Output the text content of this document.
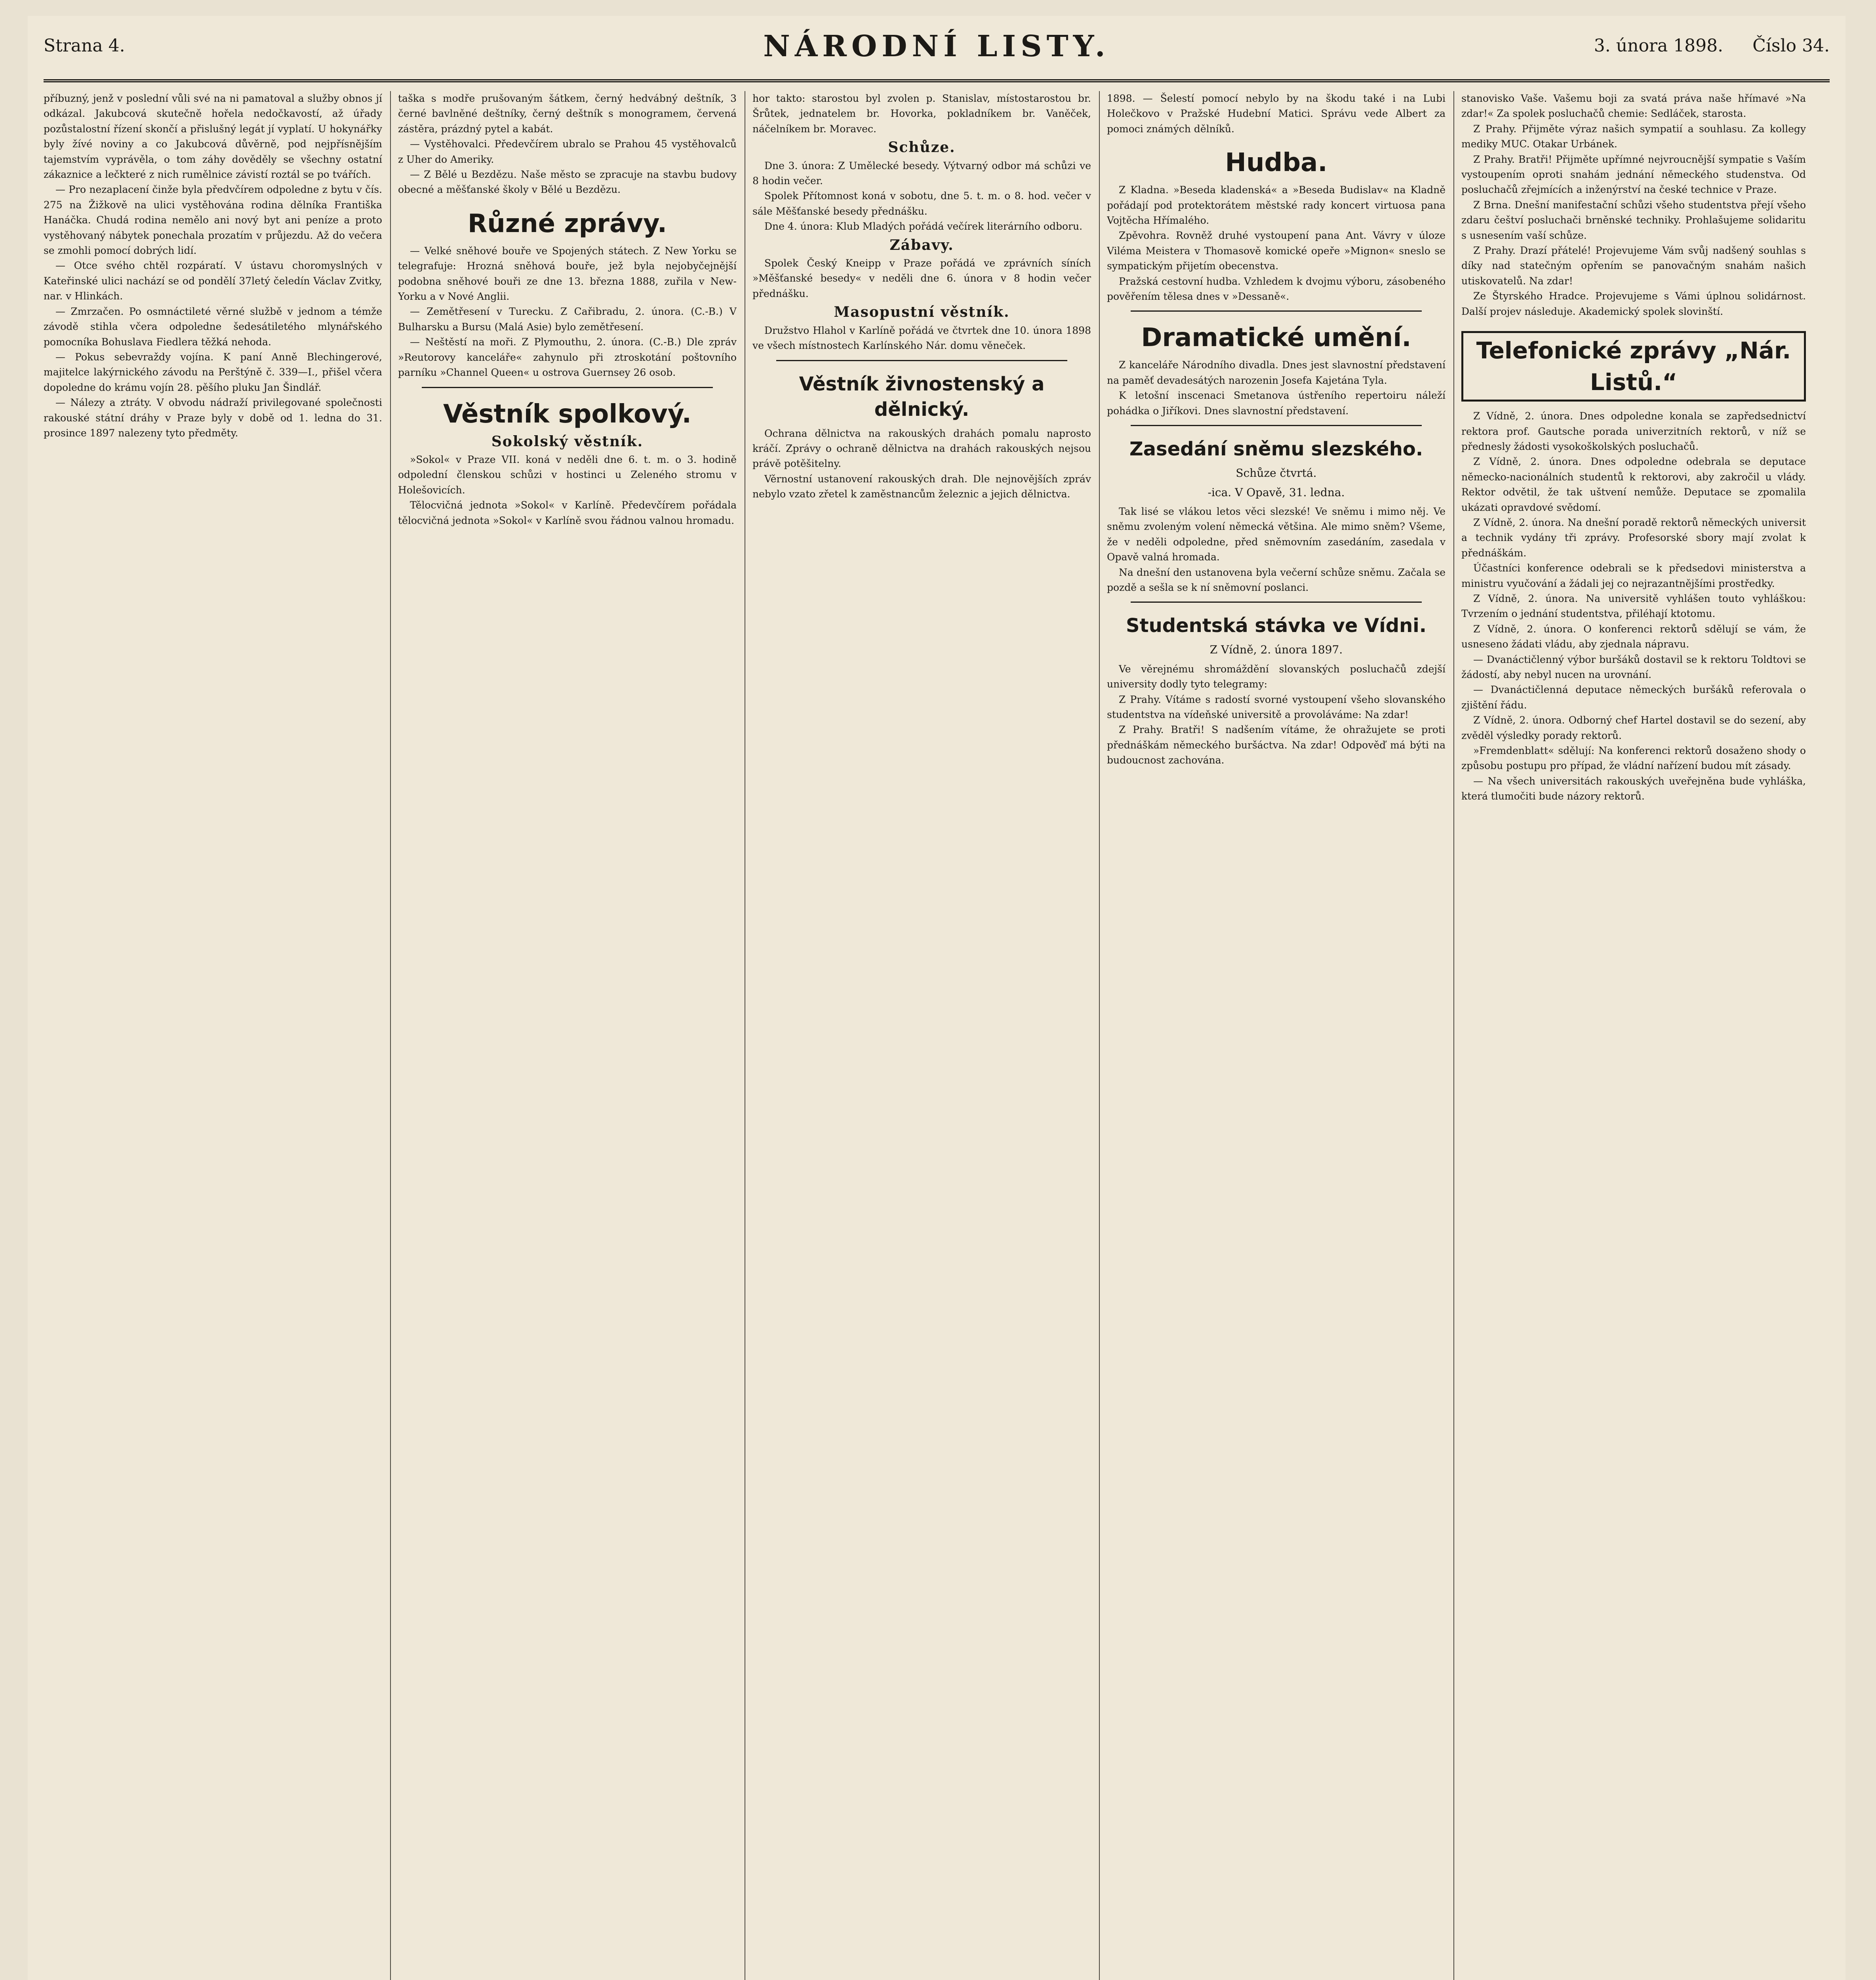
Strana 4.	NÁRODNÍ LISTY.	3. února 1898. Číslo 34.

příbuzný, jenž v poslední vůli své na ni pamatoval a služby obnos jí odkázal. Jakubcová skutečně hořela nedočkavostí, až úřady pozůstalostní řízení skončí a přislušný legát jí vyplatí. U hokynářky byly žívé noviny a co Jakubcová důvěrně, pod nejpřísnějším tajemstvím vyprávěla, o tom záhy dověděly se všechny ostatní zákaznice a lečkteré z nich rumělnice závistí roztál se po tvářích.

— Pro nezaplacení činže byla předvčírem odpoledne z bytu v čís. 275 na Žižkově na ulici vystěhována rodina dělníka Františka Hanáčka. Chudá rodina nemělo ani nový byt ani peníze a proto vystěhovaný nábytek ponechala prozatím v průjezdu. Až do večera se zmohli pomocí dobrých lidí.

— Otce svého chtěl rozpáratí. V ústavu choromyslných v Kateřinské ulici nachází se od pondělí 37letý čeledín Václav Zvitky, nar. v Hlinkách.

— Zmrzačen. Po osmnáctileté věrné službě v jednom a témže závodě stihla včera odpoledne šedesátiletého mlynářského pomocníka Bohuslava Fiedlera těžká nehoda.

— Pokus sebevraždy vojína. K paní Anně Blechingerové, majitelce lakýrnického závodu na Perštýně č. 339—I., přišel včera dopoledne do krámu vojín 28. pěšího pluku Jan Šindlář.

— Nálezy a ztráty. V obvodu nádraží privilegované společnosti rakouské státní dráhy v Praze byly v době od 1. ledna do 31. prosince 1897 nalezeny tyto předměty.

taška s modře prušovaným šátkem, černý hedvábný deštník, 3 černé bavlněné deštníky, černý deštník s monogramem, červená zástěra, prázdný pytel a kabát.

— Vystěhovalci. Předevčírem ubralo se Prahou 45 vystěhovalců z Uher do Ameriky.

— Z Bělé u Bezdězu. Naše město se zpracuje na stavbu budovy obecné a měšťanské školy v Bělé u Bezdězu.

Různé zprávy.

— Velké sněhové bouře ve Spojených státech. Z New Yorku se telegrafuje: Hrozná sněhová bouře, jež byla nejobyčejnější podobna sněhové bouři ze dne 13. března 1888, zuřila v New-Yorku a v Nové Anglii.

— Zemětřesení v Turecku. Z Cařibradu, 2. února. (C.-B.) V Bulharsku a Bursu (Malá Asie) bylo zemětřesení.

— Neštěstí na moři. Z Plymouthu, 2. února. (C.-B.) Dle zpráv »Reutorovy kanceláře« zahynulo při ztroskotání poštovního parníku »Channel Queen« u ostrova Guernsey 26 osob.

Věstník spolkový.
Sokolský věstník.

»Sokol« v Praze VII. koná v neděli dne 6. t. m. o 3. hodině odpolední členskou schůzi v hostinci u Zeleného stromu v Holešovicích.

Tělocvičná jednota »Sokol« v Karlíně. Předevčírem pořádala tělocvičná jednota »Sokol« v Karlíně svou řádnou valnou hromadu.

hor takto: starostou byl zvolen p. Stanislav, místostarostou br. Šrůtek, jednatelem br. Hovorka, pokladníkem br. Vaněček, náčelníkem br. Moravec.

Schůze.

Dne 3. února: Z Umělecké besedy. Výtvarný odbor má schůzi ve 8 hodin večer.

Spolek Přítomnost koná v sobotu, dne 5. t. m. o 8. hod. večer v sále Měšťanské besedy přednášku.

Dne 4. února: Klub Mladých pořádá večírek literárního odboru.

Zábavy.

Spolek Český Kneipp v Praze pořádá ve zprávních síních »Měšťanské besedy« v neděli dne 6. února v 8 hodin večer přednášku.

Masopustní věstník.

Družstvo Hlahol v Karlíně pořádá ve čtvrtek dne 10. února 1898 ve všech místnostech Karlínského Nár. domu věneček.

Věstník živnostenský a dělnický.

Ochrana dělnictva na rakouských drahách pomalu naprosto kráčí. Zprávy o ochraně dělnictva na drahách rakouských nejsou právě potěšitelny.

Věrnostní ustanovení rakouských drah. Dle nejnovějších zpráv nebylo vzato zřetel k zaměstnancům železnic a jejich dělnictva.

1898. — Šelestí pomocí nebylo by na škodu také i na Lubi Holečkovo v Pražské Hudební Matici. Správu vede Albert za pomoci známých dělníků.

Hudba.

Z Kladna. »Beseda kladenská« a »Beseda Budislav« na Kladně pořádají pod protektorátem městské rady koncert virtuosa pana Vojtěcha Hřímalého.

Zpěvohra. Rovněž druhé vystoupení pana Ant. Vávry v úloze Viléma Meistera v Thomasově komické opeře »Mignon« sneslo se sympatickým přijetím obecenstva.

Pražská cestovní hudba. Vzhledem k dvojmu výboru, zásobeného pověřením tělesa dnes v »Dessaně«.

Dramatické umění.

Z kanceláře Národního divadla. Dnes jest slavnostní představení na paměť devadesátých narozenin Josefa Kajetána Tyla.

K letošní inscenaci Smetanova ústřeního repertoiru náleží pohádka o Jiříkovi. Dnes slavnostní představení.

Zasedání sněmu slezského.
Schůze čtvrtá.
-ica. V Opavě, 31. ledna.

Tak lisé se vlákou letos věci slezské! Ve sněmu i mimo něj. Ve sněmu zvoleným volení německá většina. Ale mimo sněm? Všeme, že v neděli odpoledne, před sněmovním zasedáním, zasedala v Opavě valná hromada.

Na dnešní den ustanovena byla večerní schůze sněmu. Začala se pozdě a sešla se k ní sněmovní poslanci.

Studentská stávka ve Vídni.
Z Vídně, 2. února 1897.

Ve věrejnému shromáždění slovanských posluchačů zdejší university dodly tyto telegramy:

Z Prahy. Vítáme s radostí svorné vystoupení všeho slovanského studentstva na vídeňské universitě a provoláváme: Na zdar!

Z Prahy. Bratři! S nadšením vítáme, že ohražujete se proti přednáškám německého buršáctva. Na zdar! Odpověď má býti na budoucnost zachována.

stanovisko Vaše. Vašemu boji za svatá práva naše hřímavé »Na zdar!« Za spolek posluchačů chemie: Sedláček, starosta.

Z Prahy. Přijměte výraz našich sympatií a souhlasu. Za kollegy mediky MUC. Otakar Urbánek.

Z Prahy. Bratři! Přijměte upřímné nejvroucnější sympatie s Vaším vystoupením oproti snahám jednání německého studenstva. Od posluchačů zřejmících a inženýrství na české technice v Praze.

Z Brna. Dnešní manifestační schůzi všeho studentstva přejí všeho zdaru češtví posluchači brněnské techniky. Prohlašujeme solidaritu s usnesením vaší schůze.

Z Prahy. Drazí přátelé! Projevujeme Vám svůj nadšený souhlas s díky nad statečným opřením se panovačným snahám našich utiskovatelů. Na zdar!

Ze Štyrského Hradce. Projevujeme s Vámi úplnou solidárnost. Další projev následuje. Akademický spolek slovinští.

Telefonické zprávy „Nár. Listů.“

Z Vídně, 2. února. Dnes odpoledne konala se zapředsednictví rektora prof. Gautsche porada univerzitních rektorů, v níž se přednesly žádosti vysokoškolských posluchačů.

Z Vídně, 2. února. Dnes odpoledne odebrala se deputace německo-nacionálních studentů k rektorovi, aby zakročil u vlády. Rektor odvětil, že tak uštvení nemůže. Deputace se zpomalila ukázati opravdové svědomí.

Z Vídně, 2. února. Na dnešní poradě rektorů německých universit a technik vydány tři zprávy. Profesorské sbory mají zvolat k přednáškám.

Účastníci konference odebrali se k předsedovi ministerstva a ministru vyučování a žádali jej co nejrazantnějšími prostředky.

Z Vídně, 2. února. Na universitě vyhlášen touto vyhláškou: Tvrzením o jednání studentstva, přiléhají ktotomu.

Z Vídně, 2. února. O konferenci rektorů sdělují se vám, že usneseno žádati vládu, aby zjednala nápravu.

— Dvanáctičlenný výbor buršáků dostavil se k rektoru Toldtovi se žádostí, aby nebyl nucen na urovnání.

— Dvanáctičlenná deputace německých buršáků referovala o zjištění řádu.

Z Vídně, 2. února. Odborný chef Hartel dostavil se do sezení, aby zvěděl výsledky porady rektorů.

»Fremdenblatt« sdělují: Na konferenci rektorů dosaženo shody o způsobu postupu pro případ, že vládní nařízení budou mít zásady.

— Na všech universitách rakouských uveřejněna bude vyhláška, která tlumočiti bude názory rektorů.
